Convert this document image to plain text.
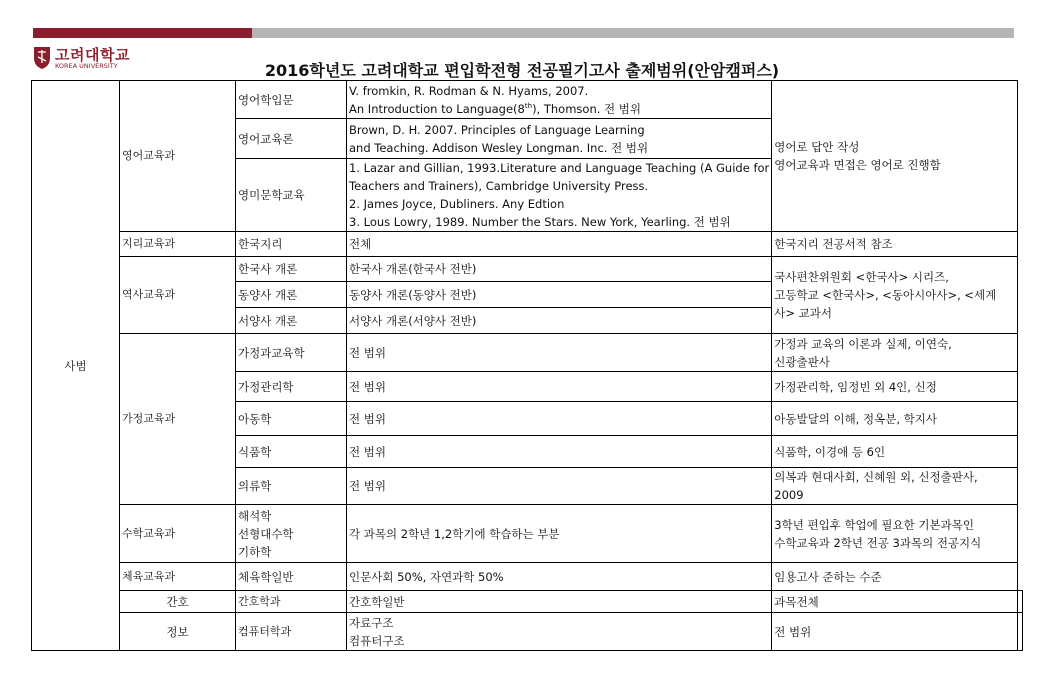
고려대학교
KOREA UNIVERSITY	2016학년도 고려대학교 편입학전형 전공필기고사 출제범위(안암캠퍼스)
사범	영어교육과	영어학입문	V. fromkin, R. Rodman & N. Hyams, 2007.
An Introduction to Language(8th), Thomson. 전 범위	영어로 답안 작성
영어교육과 면접은 영어로 진행함	

		영어교육론	Brown, D. H. 2007. Principles of Language Learning
and Teaching. Addison Wesley Longman. Inc. 전 범위		

		영미문학교육	1. Lazar and Gillian, 1993.Literature and Language Teaching (A Guide for
Teachers and Trainers), Cambridge University Press.
2. James Joyce, Dubliners. Any Edtion
3. Lous Lowry, 1989. Number the Stars. New York, Yearling. 전 범위		

	지리교육과	한국지리	전체	한국지리 전공서적 참조	
	역사교육과	한국사 개론	한국사 개론(한국사 전반)	국사편찬위원회 <한국사> 시리즈,
고등학교 <한국사>, <동아시아사>, <세계
사> 교과서	

		동양사 개론	동양사 개론(동양사 전반)		
		서양사 개론	서양사 개론(서양사 전반)		
	가정교육과	가정과교육학	전 범위	가정과 교육의 이론과 실제, 이연숙,
신광출판사	

		가정관리학	전 범위	가정관리학, 임정빈 외 4인, 신정	
		아동학	전 범위	아동발달의 이해, 정옥분, 학지사	
		식품학	전 범위	식품학, 이경애 등 6인	
		의류학	전 범위	의복과 현대사회, 신혜원 외, 신정출판사,
2009	

	수학교육과	해석학
선형대수학
기하학	각 과목의 2학년 1,2학기에 학습하는 부분	3학년 편입후 학업에 필요한 기본과목인
수학교육과 2학년 전공 3과목의 전공지식	

	체육교육과	체육학일반	인문사회 50%, 자연과학 50%	임용고사 준하는 수준	
	간호	간호학과	간호학일반	과목전체	
	정보	컴퓨터학과	자료구조
컴퓨터구조	전 범위	
